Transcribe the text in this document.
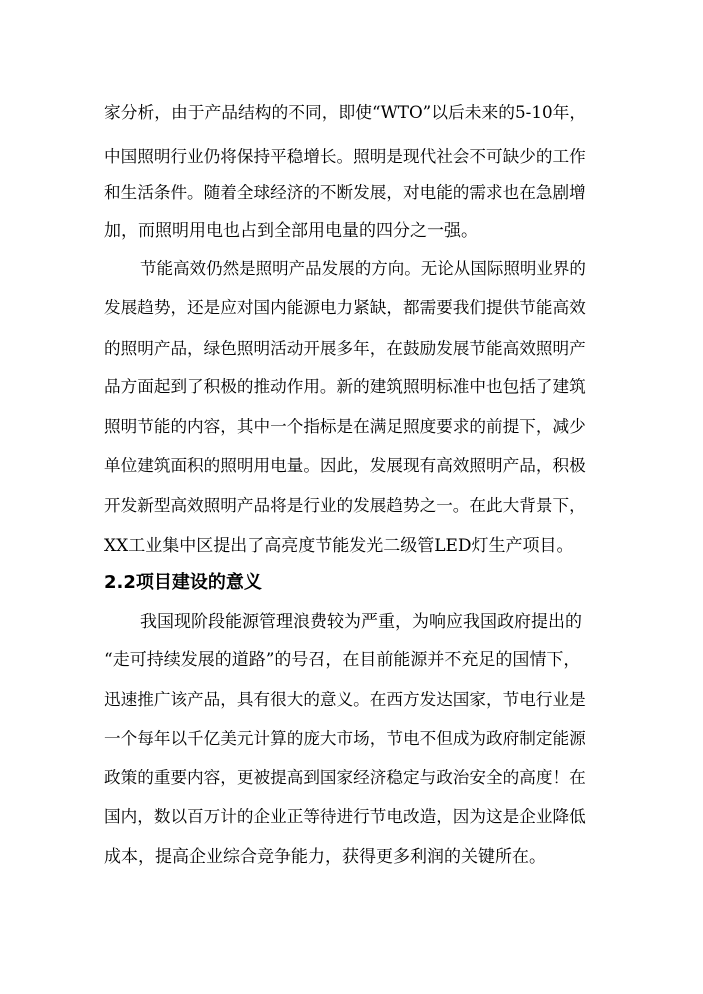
家分析，由于产品结构的不同，即使“WTO”以后未来的5-10年，
中国照明行业仍将保持平稳增长。照明是现代社会不可缺少的工作
和生活条件。随着全球经济的不断发展，对电能的需求也在急剧增
加，而照明用电也占到全部用电量的四分之一强。
节能高效仍然是照明产品发展的方向。无论从国际照明业界的
发展趋势，还是应对国内能源电力紧缺，都需要我们提供节能高效
的照明产品，绿色照明活动开展多年，在鼓励发展节能高效照明产
品方面起到了积极的推动作用。新的建筑照明标准中也包括了建筑
照明节能的内容，其中一个指标是在满足照度要求的前提下，减少
单位建筑面积的照明用电量。因此，发展现有高效照明产品，积极
开发新型高效照明产品将是行业的发展趋势之一。在此大背景下，
XX工业集中区提出了高亮度节能发光二级管LED灯生产项目。
2.2项目建设的意义
我国现阶段能源管理浪费较为严重，为响应我国政府提出的
“走可持续发展的道路”的号召，在目前能源并不充足的国情下，
迅速推广该产品，具有很大的意义。在西方发达国家，节电行业是
一个每年以千亿美元计算的庞大市场，节电不但成为政府制定能源
政策的重要内容，更被提高到国家经济稳定与政治安全的高度！在
国内，数以百万计的企业正等待进行节电改造，因为这是企业降低
成本，提高企业综合竞争能力，获得更多利润的关键所在。
